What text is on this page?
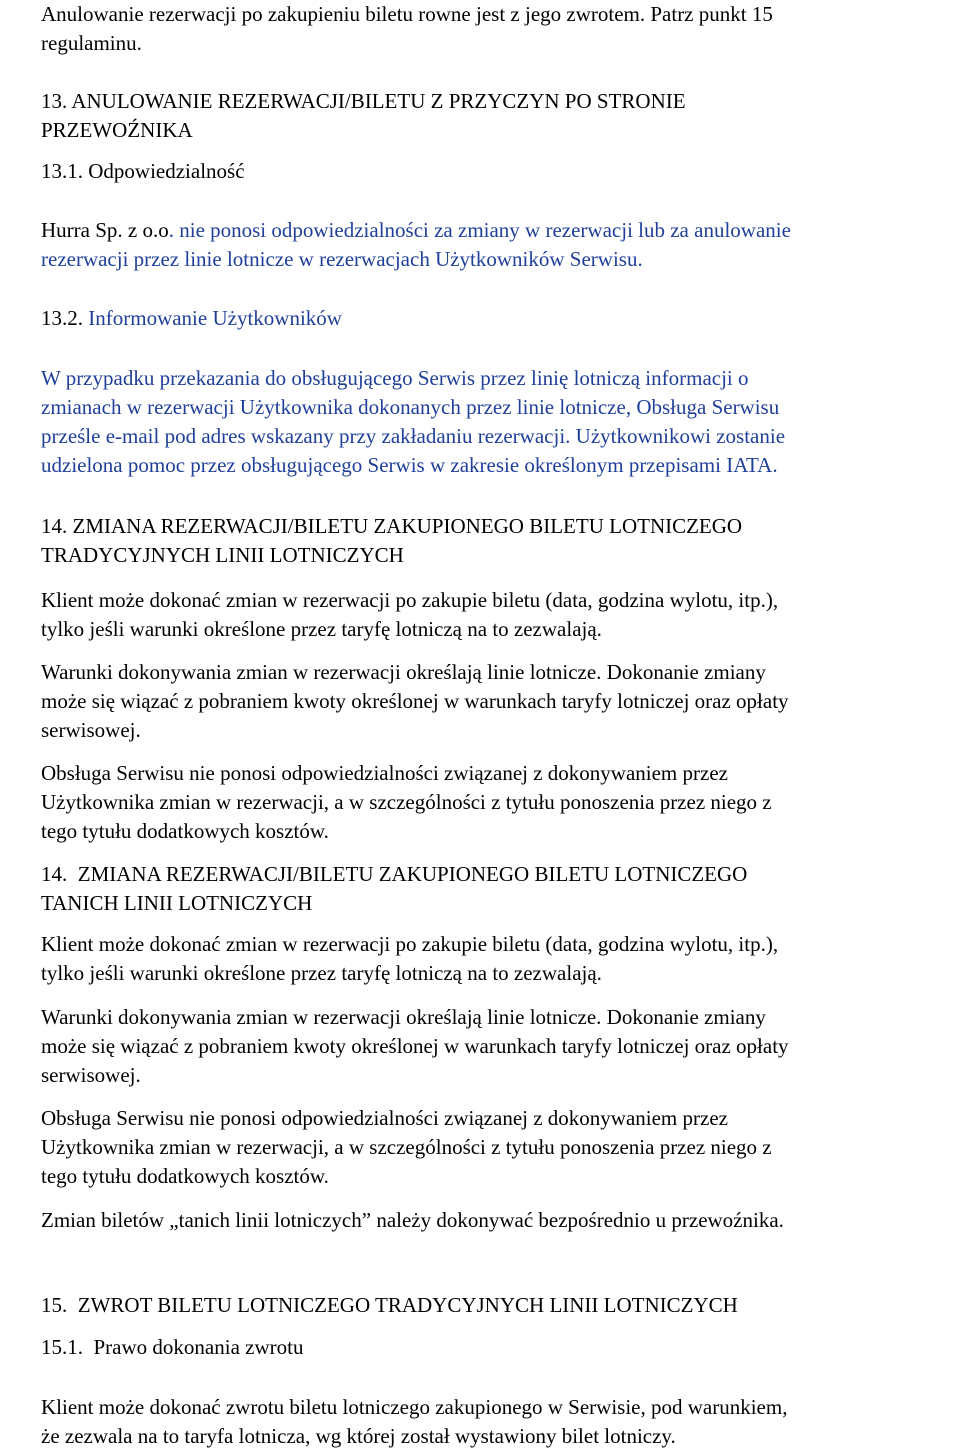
Anulowanie rezerwacji po zakupieniu biletu rowne jest z jego zwrotem. Patrz punkt 15
regulaminu.
13. ANULOWANIE REZERWACJI/BILETU Z PRZYCZYN PO STRONIE
PRZEWOŹNIKA
13.1. Odpowiedzialność
Hurra Sp. z o.o. nie ponosi odpowiedzialności za zmiany w rezerwacji lub za anulowanie
rezerwacji przez linie lotnicze w rezerwacjach Użytkowników Serwisu.
13.2. Informowanie Użytkowników
W przypadku przekazania do obsługującego Serwis przez linię lotniczą informacji o
zmianach w rezerwacji Użytkownika dokonanych przez linie lotnicze, Obsługa Serwisu
prześle e-mail pod adres wskazany przy zakładaniu rezerwacji. Użytkownikowi zostanie
udzielona pomoc przez obsługującego Serwis w zakresie określonym przepisami IATA.
14. ZMIANA REZERWACJI/BILETU ZAKUPIONEGO BILETU LOTNICZEGO
TRADYCYJNYCH LINII LOTNICZYCH
Klient może dokonać zmian w rezerwacji po zakupie biletu (data, godzina wylotu, itp.),
tylko jeśli warunki określone przez taryfę lotniczą na to zezwalają.
Warunki dokonywania zmian w rezerwacji określają linie lotnicze. Dokonanie zmiany
może się wiązać z pobraniem kwoty określonej w warunkach taryfy lotniczej oraz opłaty
serwisowej.
Obsługa Serwisu nie ponosi odpowiedzialności związanej z dokonywaniem przez
Użytkownika zmian w rezerwacji, a w szczególności z tytułu ponoszenia przez niego z
tego tytułu dodatkowych kosztów.
14.  ZMIANA REZERWACJI/BILETU ZAKUPIONEGO BILETU LOTNICZEGO
TANICH LINII LOTNICZYCH
Klient może dokonać zmian w rezerwacji po zakupie biletu (data, godzina wylotu, itp.),
tylko jeśli warunki określone przez taryfę lotniczą na to zezwalają.
Warunki dokonywania zmian w rezerwacji określają linie lotnicze. Dokonanie zmiany
może się wiązać z pobraniem kwoty określonej w warunkach taryfy lotniczej oraz opłaty
serwisowej.
Obsługa Serwisu nie ponosi odpowiedzialności związanej z dokonywaniem przez
Użytkownika zmian w rezerwacji, a w szczególności z tytułu ponoszenia przez niego z
tego tytułu dodatkowych kosztów.
Zmian biletów „tanich linii lotniczych” należy dokonywać bezpośrednio u przewoźnika.
15.  ZWROT BILETU LOTNICZEGO TRADYCYJNYCH LINII LOTNICZYCH
15.1.  Prawo dokonania zwrotu
Klient może dokonać zwrotu biletu lotniczego zakupionego w Serwisie, pod warunkiem,
że zezwala na to taryfa lotnicza, wg której został wystawiony bilet lotniczy.
